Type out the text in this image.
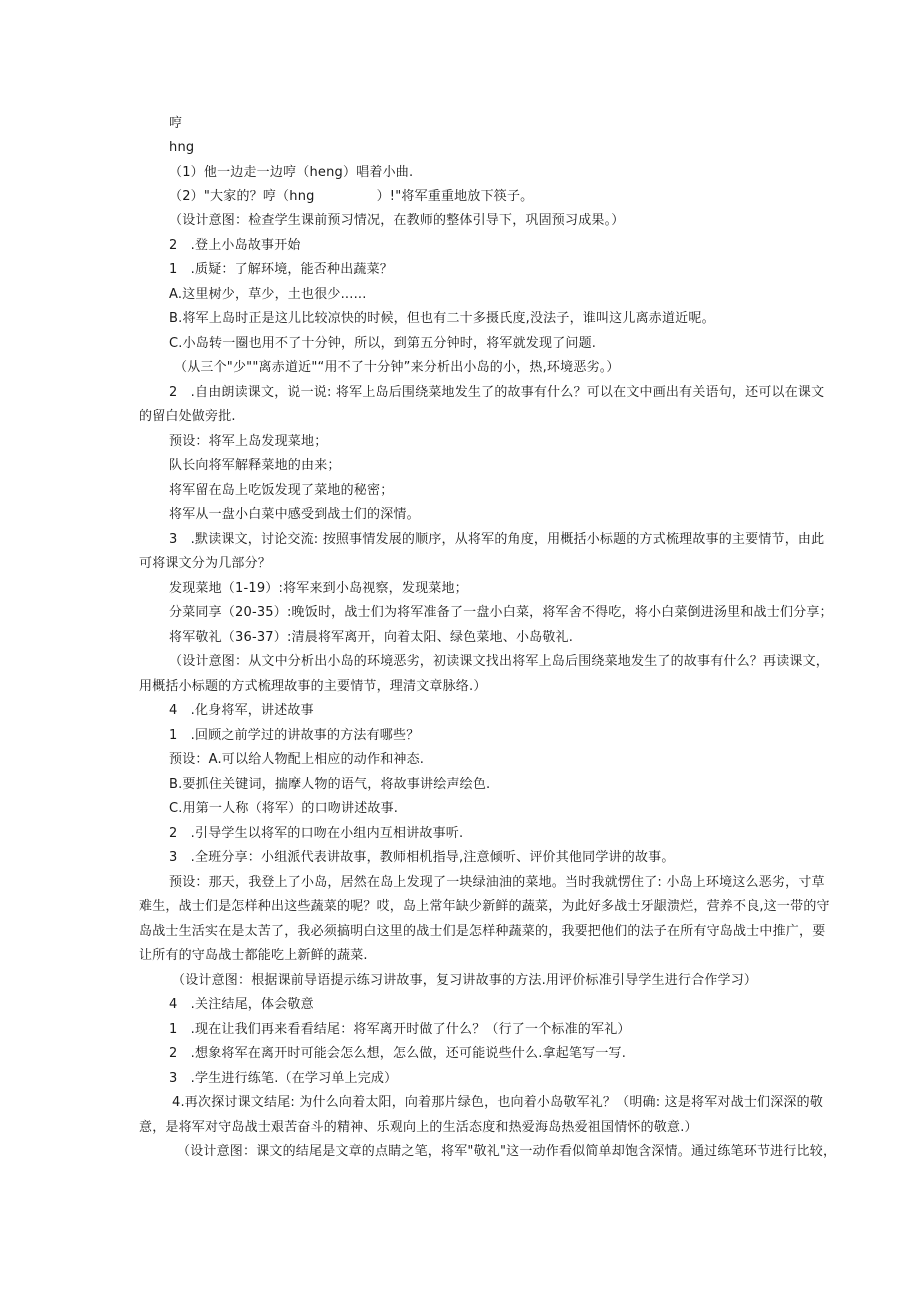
哼
hng
（1）他一边走一边哼（heng）唱着小曲.
（2）"大家的？哼（hng	）!"将军重重地放下筷子。
（设计意图：检查学生课前预习情况，在教师的整体引导下，巩固预习成果。）
2　.登上小岛故事开始
1　.质疑：了解环境，能否种出蔬菜？
A.这里树少，草少，土也很少......
B.将军上岛时正是这儿比较凉快的时候，但也有二十多摄氏度,没法子，谁叫这儿离赤道近呢。
C.小岛转一圈也用不了十分钟，所以，到第五分钟时，将军就发现了问题.
（从三个"少""离赤道近"“用不了十分钟”来分析出小岛的小，热,环境恶劣。）
2　.自由朗读课文，说一说: 将军上岛后围绕菜地发生了的故事有什么？可以在文中画出有关语句，还可以在课文
的留白处做旁批.
预设：将军上岛发现菜地；
队长向将军解释菜地的由来；
将军留在岛上吃饭发现了菜地的秘密；
将军从一盘小白菜中感受到战士们的深情。
3　.默读课文，讨论交流: 按照事情发展的顺序，从将军的角度，用概括小标题的方式梳理故事的主要情节，由此
可将课文分为几部分？
发现菜地（1-19）:将军来到小岛视察，发现菜地；
分菜同享（20-35）:晚饭时，战士们为将军准备了一盘小白菜，将军舍不得吃，将小白菜倒进汤里和战士们分享；
将军敬礼（36-37）:清晨将军离开，向着太阳、绿色菜地、小岛敬礼.
（设计意图：从文中分析出小岛的环境恶劣，初读课文找出将军上岛后围绕菜地发生了的故事有什么？再读课文，
用概括小标题的方式梳理故事的主要情节，理清文章脉络.）
4　.化身将军，讲述故事
1　.回顾之前学过的讲故事的方法有哪些？
预设：A.可以给人物配上相应的动作和神态.
B.要抓住关键词，揣摩人物的语气，将故事讲绘声绘色.
C.用第一人称（将军）的口吻讲述故事.
2　.引导学生以将军的口吻在小组内互相讲故事听.
3　.全班分享：小组派代表讲故事，教师相机指导,注意倾听、评价其他同学讲的故事。
预设：那天，我登上了小岛，居然在岛上发现了一块绿油油的菜地。当时我就愣住了: 小岛上环境这么恶劣，寸草
难生，战士们是怎样种出这些蔬菜的呢？哎，岛上常年缺少新鲜的蔬菜，为此好多战士牙龈溃烂，营养不良,这一带的守
岛战士生活实在是太苦了，我必须搞明白这里的战士们是怎样种蔬菜的，我要把他们的法子在所有守岛战士中推广，要
让所有的守岛战士都能吃上新鲜的蔬菜.
（设计意图：根据课前导语提示练习讲故事，复习讲故事的方法.用评价标准引导学生进行合作学习）
4　.关注结尾，体会敬意
1　.现在让我们再来看看结尾：将军离开时做了什么？（行了一个标准的军礼）
2　.想象将军在离开时可能会怎么想，怎么做，还可能说些什么.拿起笔写一写.
3　.学生进行练笔.（在学习单上完成）
4.再次探讨课文结尾: 为什么向着太阳，向着那片绿色，也向着小岛敬军礼？（明确: 这是将军对战士们深深的敬
意，是将军对守岛战士艰苦奋斗的精神、乐观向上的生活态度和热爱海岛热爱祖国情怀的敬意.）
（设计意图：课文的结尾是文章的点睛之笔，将军"敬礼"这一动作看似简单却饱含深情。通过练笔环节进行比较，
